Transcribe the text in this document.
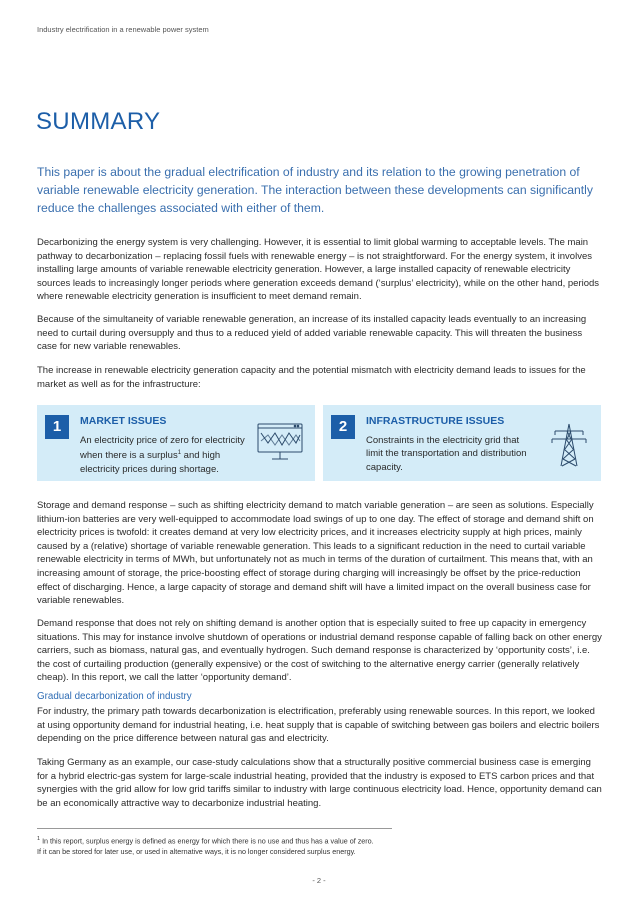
Industry electrification in a renewable power system
SUMMARY

This paper is about the gradual electrification of industry and its relation to the growing penetration of variable renewable electricity generation. The interaction between these developments can significantly reduce the challenges associated with either of them.

Decarbonizing the energy system is very challenging. However, it is essential to limit global warming to acceptable levels. The main pathway to decarbonization – replacing fossil fuels with renewable energy – is not straightforward. For the energy system, it involves installing large amounts of variable renewable electricity generation. However, a large installed capacity of renewable electricity sources leads to increasingly longer periods where generation exceeds demand (‘surplus’ electricity), while on the other hand, periods where renewable electricity generation is insufficient to meet demand remain.

Because of the simultaneity of variable renewable generation, an increase of its installed capacity leads eventually to an increasing need to curtail during oversupply and thus to a reduced yield of added variable renewable capacity. This will threaten the business case for new variable renewables.

The increase in renewable electricity generation capacity and the potential mismatch with electricity demand leads to issues for the market as well as for the infrastructure:

1	MARKET ISSUES
An electricity price of zero for electricity when there is a surplus$^1$ and high electricity prices during shortage.
2	INFRASTRUCTURE ISSUES
Constraints in the electricity grid that limit the transportation and distribution capacity.

Storage and demand response – such as shifting electricity demand to match variable generation – are seen as solutions. Especially lithium-ion batteries are very well-equipped to accommodate load swings of up to one day. The effect of storage and demand shift on electricity prices is twofold: it creates demand at very low electricity prices, and it increases electricity supply at high prices, mainly caused by a (relative) shortage of variable renewable generation. This leads to a significant reduction in the need to curtail variable renewable electricity in terms of MWh, but unfortunately not as much in terms of the duration of curtailment. This means that, with an increasing amount of storage, the price-boosting effect of storage during charging will increasingly be offset by the price-reduction effect of discharging. Hence, a large capacity of storage and demand shift will have a limited impact on the overall business case for variable renewables.

Demand response that does not rely on shifting demand is another option that is especially suited to free up capacity in emergency situations. This may for instance involve shutdown of operations or industrial demand response capable of falling back on other energy carriers, such as biomass, natural gas, and eventually hydrogen. Such demand response is characterized by ‘opportunity costs’, i.e. the cost of curtailing production (generally expensive) or the cost of switching to the alternative energy carrier (generally relatively cheap). In this report, we call the latter ‘opportunity demand’.

Gradual decarbonization of industry

For industry, the primary path towards decarbonization is electrification, preferably using renewable sources. In this report, we looked at using opportunity demand for industrial heating, i.e. heat supply that is capable of switching between gas boilers and electric boilers depending on the price difference between natural gas and electricity.

Taking Germany as an example, our case-study calculations show that a structurally positive commercial business case is emerging for a hybrid electric-gas system for large-scale industrial heating, provided that the industry is exposed to ETS carbon prices and that synergies with the grid allow for low grid tariffs similar to industry with large continuous electricity load. Hence, opportunity demand can be an economically attractive way to decarbonize industrial heating.

$^1$ In this report, surplus energy is defined as energy for which there is no use and thus has a value of zero.
If it can be stored for later use, or used in alternative ways, it is no longer considered surplus energy.

- 2 -
